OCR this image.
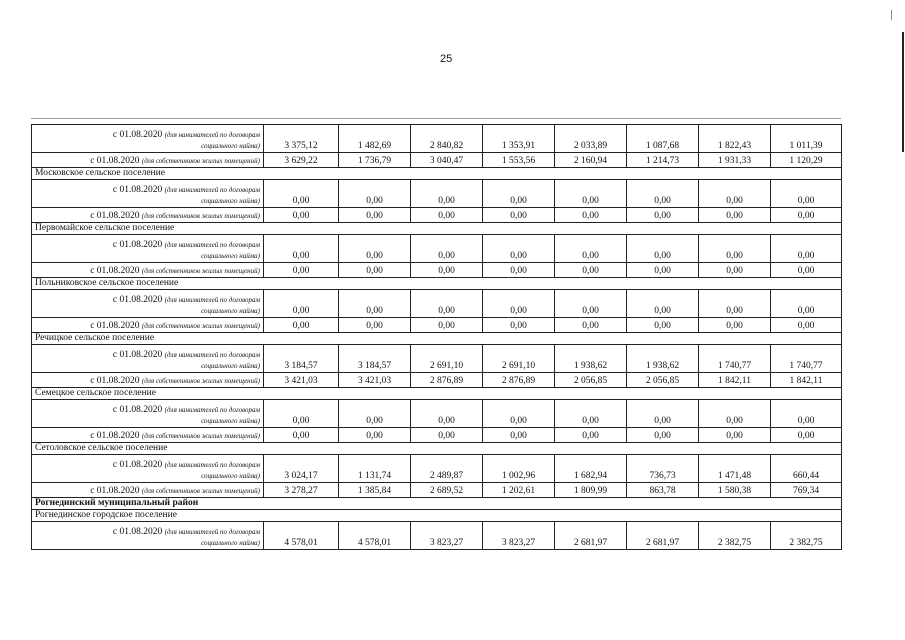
25
с 01.08.2020 (для нанимателей по договорам
социального найма)	3 375,12	1 482,69	2 840,82	1 353,91	2 033,89	1 087,68	1 822,43	1 011,39
с 01.08.2020 (для собственников жилых помещений)	3 629,22	1 736,79	3 040,47	1 553,56	2 160,94	1 214,73	1 931,33	1 120,29
Московское сельское поселение								
с 01.08.2020 (для нанимателей по договорам
социального найма)	0,00	0,00	0,00	0,00	0,00	0,00	0,00	0,00
с 01.08.2020 (для собственников жилых помещений)	0,00	0,00	0,00	0,00	0,00	0,00	0,00	0,00
Первомайское сельское поселение								
с 01.08.2020 (для нанимателей по договорам
социального найма)	0,00	0,00	0,00	0,00	0,00	0,00	0,00	0,00
с 01.08.2020 (для собственников жилых помещений)	0,00	0,00	0,00	0,00	0,00	0,00	0,00	0,00
Польниковское сельское поселение								
с 01.08.2020 (для нанимателей по договорам
социального найма)	0,00	0,00	0,00	0,00	0,00	0,00	0,00	0,00
с 01.08.2020 (для собственников жилых помещений)	0,00	0,00	0,00	0,00	0,00	0,00	0,00	0,00
Речицкое сельское поселение								
с 01.08.2020 (для нанимателей по договорам
социального найма)	3 184,57	3 184,57	2 691,10	2 691,10	1 938,62	1 938,62	1 740,77	1 740,77
с 01.08.2020 (для собственников жилых помещений)	3 421,03	3 421,03	2 876,89	2 876,89	2 056,85	2 056,85	1 842,11	1 842,11
Семецкое сельское поселение								
с 01.08.2020 (для нанимателей по договорам
социального найма)	0,00	0,00	0,00	0,00	0,00	0,00	0,00	0,00
с 01.08.2020 (для собственников жилых помещений)	0,00	0,00	0,00	0,00	0,00	0,00	0,00	0,00
Сетоловское сельское поселение								
с 01.08.2020 (для нанимателей по договорам
социального найма)	3 024,17	1 131,74	2 489,87	1 002,96	1 682,94	736,73	1 471,48	660,44
с 01.08.2020 (для собственников жилых помещений)	3 278,27	1 385,84	2 689,52	1 202,61	1 809,99	863,78	1 580,38	769,34
Рогнединский муниципальный район								
Рогнединское городское поселение								
с 01.08.2020 (для нанимателей по договорам
социального найма)	4 578,01	4 578,01	3 823,27	3 823,27	2 681,97	2 681,97	2 382,75	2 382,75
